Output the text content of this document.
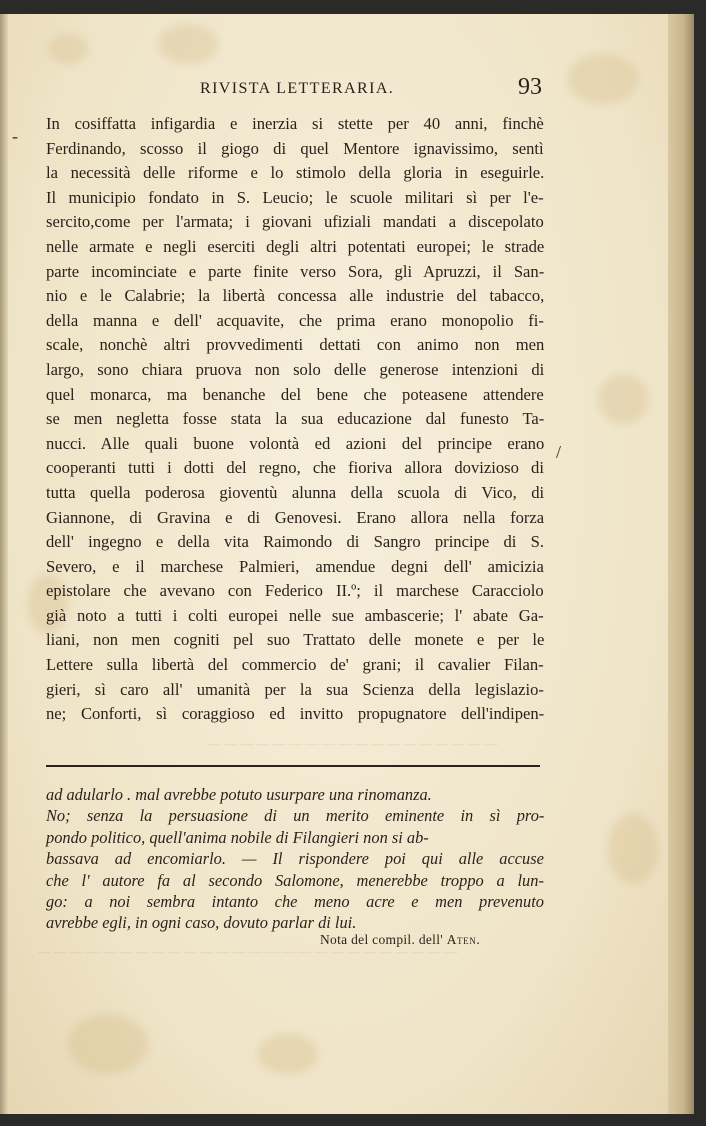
— — — — — — — — — — — — — — — — — —
— — — — — — — — — — — — — — — — — — — — — — — — — —
RIVISTA LETTERARIA.	93
In cosiffatta infigardia e inerzia si stette per 40 anni, finchè
Ferdinando, scosso il giogo di quel Mentore ignavissimo, sentì
la necessità delle riforme e lo stimolo della gloria in eseguirle.
Il municipio fondato in S. Leucio; le scuole militari sì per l'e-
sercito,come per l'armata; i giovani ufiziali mandati a discepolato
nelle armate e negli eserciti degli altri potentati europei; le strade
parte incominciate e parte finite verso Sora, gli Apruzzi, il San-
nio e le Calabrie; la libertà concessa alle industrie del tabacco,
della manna e dell' acquavite, che prima erano monopolio fi-
scale, nonchè altri provvedimenti dettati con animo non men
largo, sono chiara pruova non solo delle generose intenzioni di
quel monarca, ma benanche del bene che poteasene attendere
se men negletta fosse stata la sua educazione dal funesto Ta-
nucci. Alle quali buone volontà ed azioni del principe erano
cooperanti tutti i dotti del regno, che fioriva allora dovizioso di
tutta quella poderosa gioventù alunna della scuola di Vico, di
Giannone, di Gravina e di Genovesi. Erano allora nella forza
dell' ingegno e della vita Raimondo di Sangro principe di S.
Severo, e il marchese Palmieri, amendue degni dell' amicizia
epistolare che avevano con Federico II.º; il marchese Caracciolo
già noto a tutti i colti europei nelle sue ambascerie; l' abate Ga-
liani, non men cogniti pel suo Trattato delle monete e per le
Lettere sulla libertà del commercio de' grani; il cavalier Filan-
gieri, sì caro all' umanità per la sua Scienza della legislazio-
ne; Conforti, sì coraggioso ed invitto propugnatore dell'indipen-
ad adularlo . mal avrebbe potuto usurpare una rinomanza.
No; senza la persuasione di un merito eminente in sì pro-
pondo politico, quell'anima nobile di Filangieri non si ab-
bassava ad encomiarlo. — Il rispondere poi qui alle accuse
che l' autore fa al secondo Salomone, menerebbe troppo a lun-
go: a noi sembra intanto che meno acre e men prevenuto
avrebbe egli, in ogni caso, dovuto parlar di lui.
Nota del compil. dell' Aten.
-
/
